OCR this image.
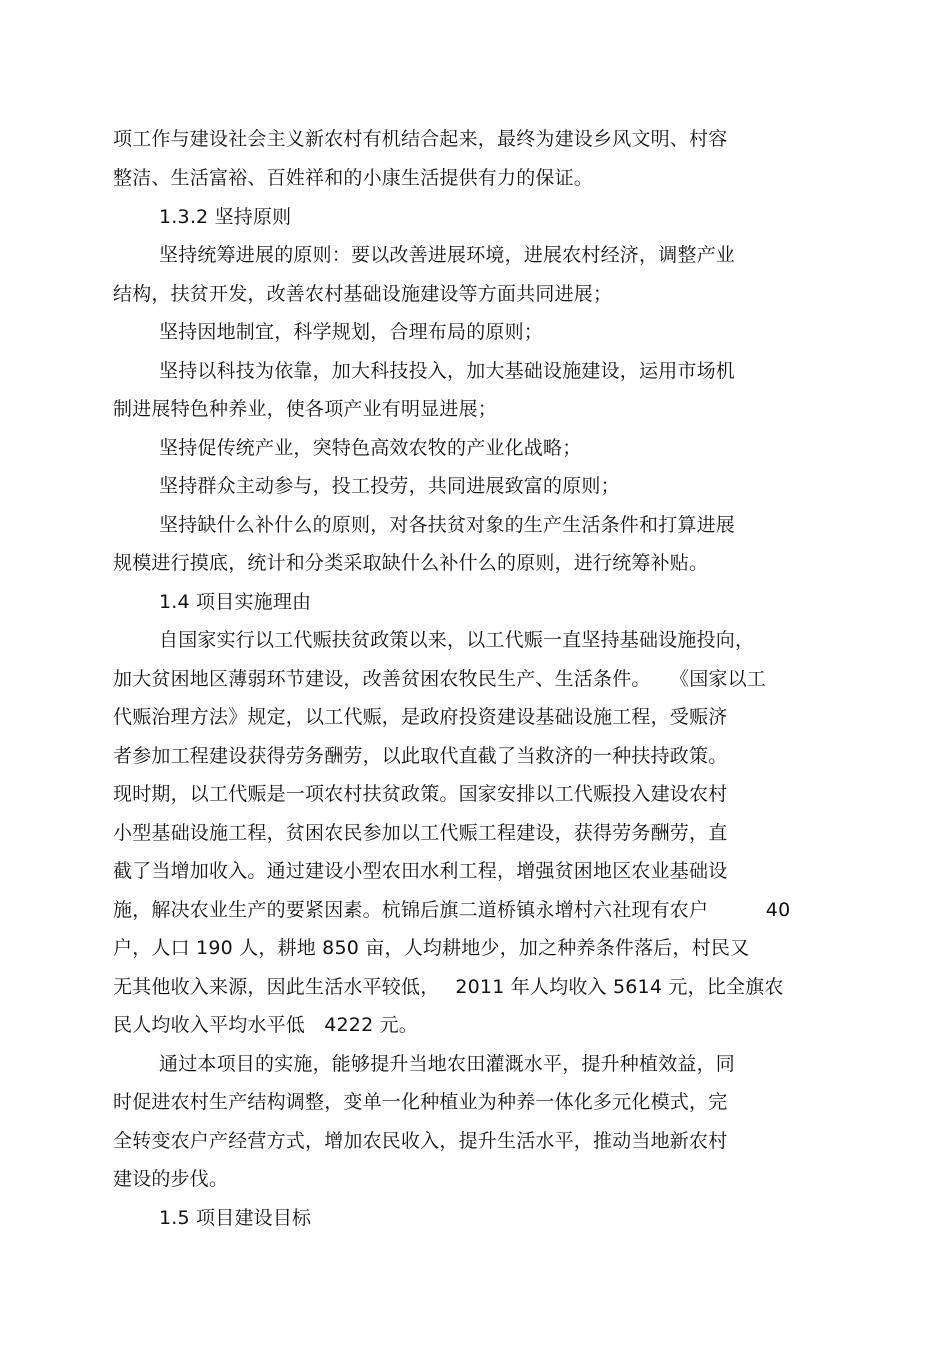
项工作与建设社会主义新农村有机结合起来，最终为建设乡风文明、村容
整洁、生活富裕、百姓祥和的小康生活提供有力的保证。
1.3.2 坚持原则
坚持统筹进展的原则：要以改善进展环境，进展农村经济，调整产业
结构，扶贫开发，改善农村基础设施建设等方面共同进展；
坚持因地制宜，科学规划，合理布局的原则；
坚持以科技为依靠，加大科技投入，加大基础设施建设，运用市场机
制进展特色种养业，使各项产业有明显进展；
坚持促传统产业，突特色高效农牧的产业化战略；
坚持群众主动参与，投工投劳，共同进展致富的原则；
坚持缺什么补什么的原则，对各扶贫对象的生产生活条件和打算进展
规模进行摸底，统计和分类采取缺什么补什么的原则，进行统筹补贴。
1.4 项目实施理由
自国家实行以工代赈扶贫政策以来，以工代赈一直坚持基础设施投向，
加大贫困地区薄弱环节建设，改善贫困农牧民生产、生活条件。　　《国家以工
代赈治理方法》规定，以工代赈，是政府投资建设基础设施工程，受赈济
者参加工程建设获得劳务酬劳，以此取代直截了当救济的一种扶持政策。
现时期，以工代赈是一项农村扶贫政策。国家安排以工代赈投入建设农村
小型基础设施工程，贫困农民参加以工代赈工程建设，获得劳务酬劳，直
截了当增加收入。通过建设小型农田水利工程，增强贫困地区农业基础设
施，解决农业生产的要紧因素。杭锦后旗二道桥镇永增村六社现有农户　　　40
户，人口 190 人，耕地 850 亩，人均耕地少，加之种养条件落后，村民又
无其他收入来源，因此生活水平较低，　 2011 年人均收入 5614 元，比全旗农
民人均收入平均水平低　4222 元。
通过本项目的实施，能够提升当地农田灌溉水平，提升种植效益，同
时促进农村生产结构调整，变单一化种植业为种养一体化多元化模式，完
全转变农户产经营方式，增加农民收入，提升生活水平，推动当地新农村
建设的步伐。
1.5 项目建设目标
